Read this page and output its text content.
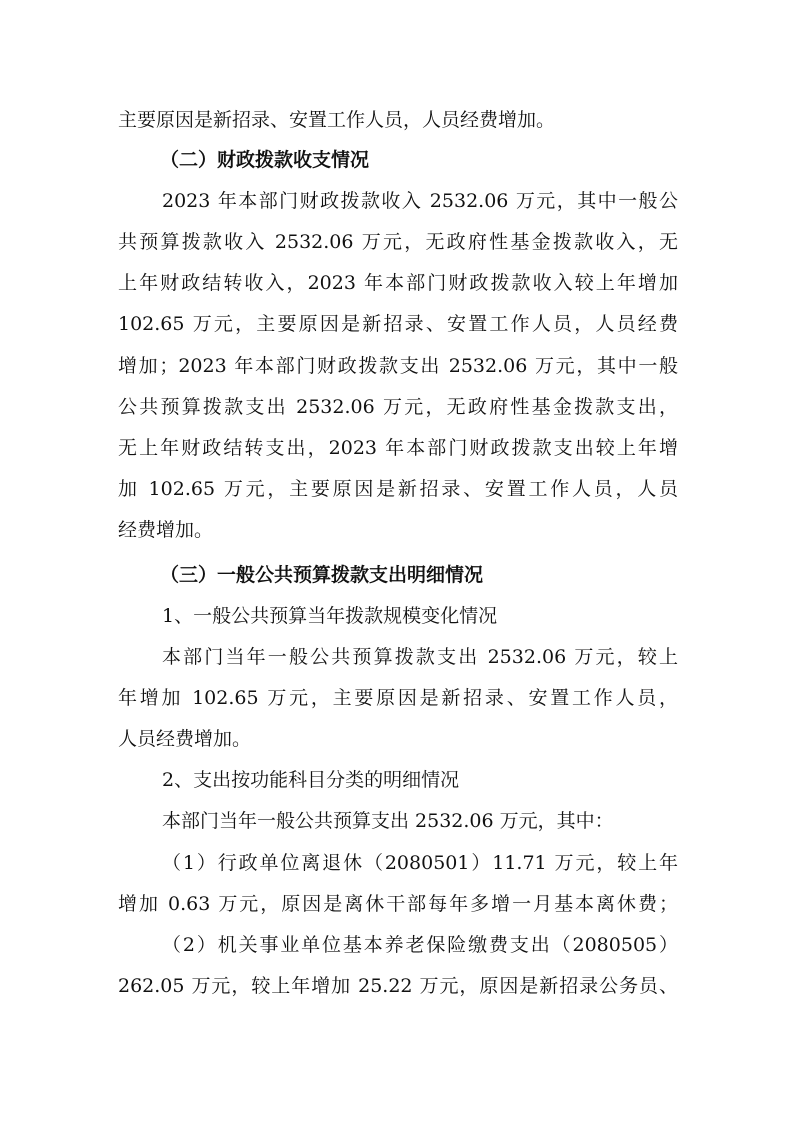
主要原因是新招录、安置工作人员，人员经费增加。
（二）财政拨款收支情况
2023 年本部门财政拨款收入 2532.06 万元，其中一般公
共预算拨款收入 2532.06 万元，无政府性基金拨款收入，无
上年财政结转收入，2023 年本部门财政拨款收入较上年增加
102.65 万元，主要原因是新招录、安置工作人员，人员经费
增加；2023 年本部门财政拨款支出 2532.06 万元，其中一般
公共预算拨款支出 2532.06 万元，无政府性基金拨款支出，
无上年财政结转支出，2023 年本部门财政拨款支出较上年增
加 102.65 万元，主要原因是新招录、安置工作人员，人员
经费增加。
（三）一般公共预算拨款支出明细情况
1、一般公共预算当年拨款规模变化情况
本部门当年一般公共预算拨款支出 2532.06 万元，较上
年增加 102.65 万元，主要原因是新招录、安置工作人员，
人员经费增加。
2、支出按功能科目分类的明细情况
本部门当年一般公共预算支出 2532.06 万元，其中：
（1）行政单位离退休（2080501）11.71 万元，较上年
增加 0.63 万元，原因是离休干部每年多增一月基本离休费；
（2）机关事业单位基本养老保险缴费支出（2080505）
262.05 万元，较上年增加 25.22 万元，原因是新招录公务员、
